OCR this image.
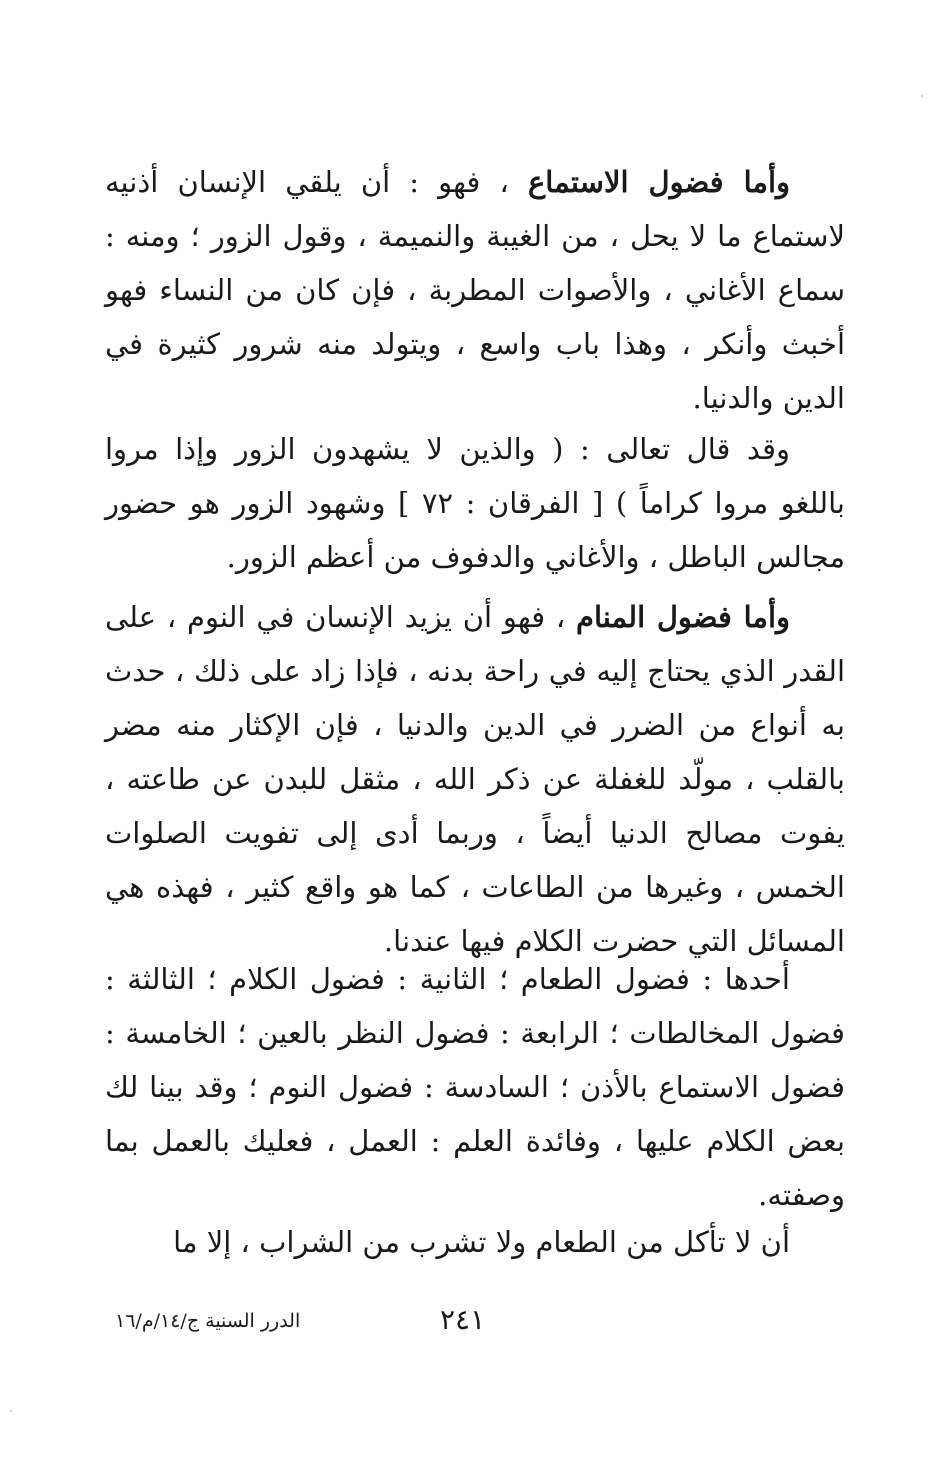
وأما فضول الاستماع ، فهو : أن يلقي الإنسان أذنيه لاستماع ما لا يحل ، من الغيبة والنميمة ، وقول الزور ؛ ومنه : سماع الأغاني ، والأصوات المطربة ، فإن كان من النساء فهو أخبث وأنكر ، وهذا باب واسع ، ويتولد منه شرور كثيرة في الدين والدنيا.

وقد قال تعالى : ( والذين لا يشهدون الزور وإذا مروا باللغو مروا كراماً ) [ الفرقان : ٧٢ ] وشهود الزور هو حضور مجالس الباطل ، والأغاني والدفوف من أعظم الزور.

وأما فضول المنام ، فهو أن يزيد الإنسان في النوم ، على القدر الذي يحتاج إليه في راحة بدنه ، فإذا زاد على ذلك ، حدث به أنواع من الضرر في الدين والدنيا ، فإن الإكثار منه مضر بالقلب ، مولّد للغفلة عن ذكر الله ، مثقل للبدن عن طاعته ، يفوت مصالح الدنيا أيضاً ، وربما أدى إلى تفويت الصلوات الخمس ، وغيرها من الطاعات ، كما هو واقع كثير ، فهذه هي المسائل التي حضرت الكلام فيها عندنا.

أحدها : فضول الطعام ؛ الثانية : فضول الكلام ؛ الثالثة : فضول المخالطات ؛ الرابعة : فضول النظر بالعين ؛ الخامسة : فضول الاستماع بالأذن ؛ السادسة : فضول النوم ؛ وقد بينا لك بعض الكلام عليها ، وفائدة العلم : العمل ، فعليك بالعمل بما وصفته.

أن لا تأكل من الطعام ولا تشرب من الشراب ، إلا ما

٢٤١
الدرر السنية ج/١٤/م/١٦
